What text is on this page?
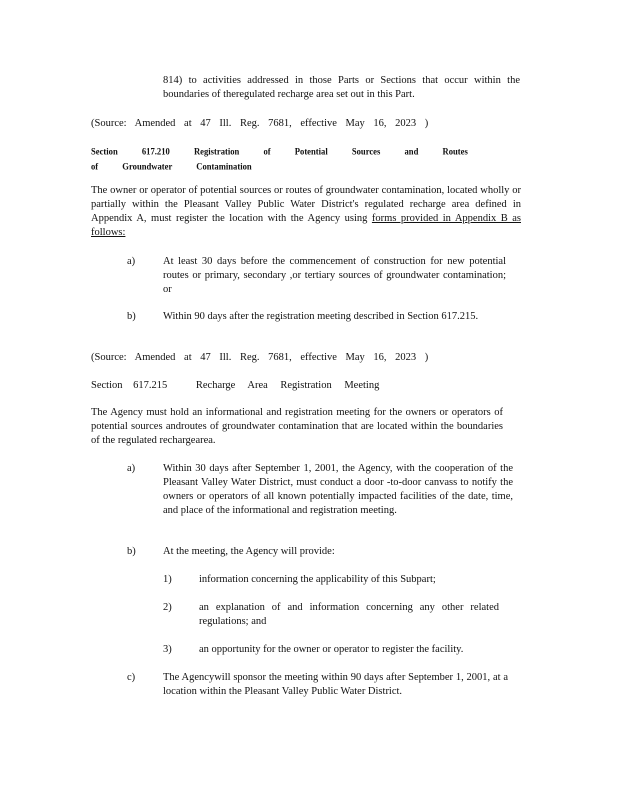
814) to activities addressed in those Parts or Sections that occur within the boundaries of theregulated recharge area set out in this Part.

(Source: Amended at 47 Ill. Reg. 7681, effective May 16, 2023 )

Section 617.210	Registration of Potential Sources and Routes of Groundwater Contamination

The owner or operator of potential sources or routes of groundwater contamination, located wholly or partially within the Pleasant Valley Public Water District's regulated recharge area defined in Appendix A, must register the location with the Agency using forms provided in Appendix B as follows:

a)	At least 30 days before the commencement of construction for new potential routes or primary, secondary ,or tertiary sources of groundwater contamination; or

b)	Within 90 days after the registration meeting described in Section 617.215.

(Source: Amended at 47 Ill. Reg. 7681, effective May 16, 2023 )

Section 617.215	Recharge Area Registration Meeting

The Agency must hold an informational and registration meeting for the owners or operators of potential sources androutes of groundwater contamination that are located within the boundaries of the regulated rechargearea.

a)	Within 30 days after September 1, 2001, the Agency, with the cooperation of the Pleasant Valley Water District, must conduct a door -to-door canvass to notify the owners or operators of all known potentially impacted facilities of the date, time, and place of the informational and registration meeting.

b)	At the meeting, the Agency will provide:

1)	information concerning the applicability of this Subpart;

2)	an explanation of and information concerning any other related regulations; and

3)	an opportunity for the owner or operator to register the facility.

c)	The Agencywill sponsor the meeting within 90 days after September 1, 2001, at a location within the Pleasant Valley Public Water District.
